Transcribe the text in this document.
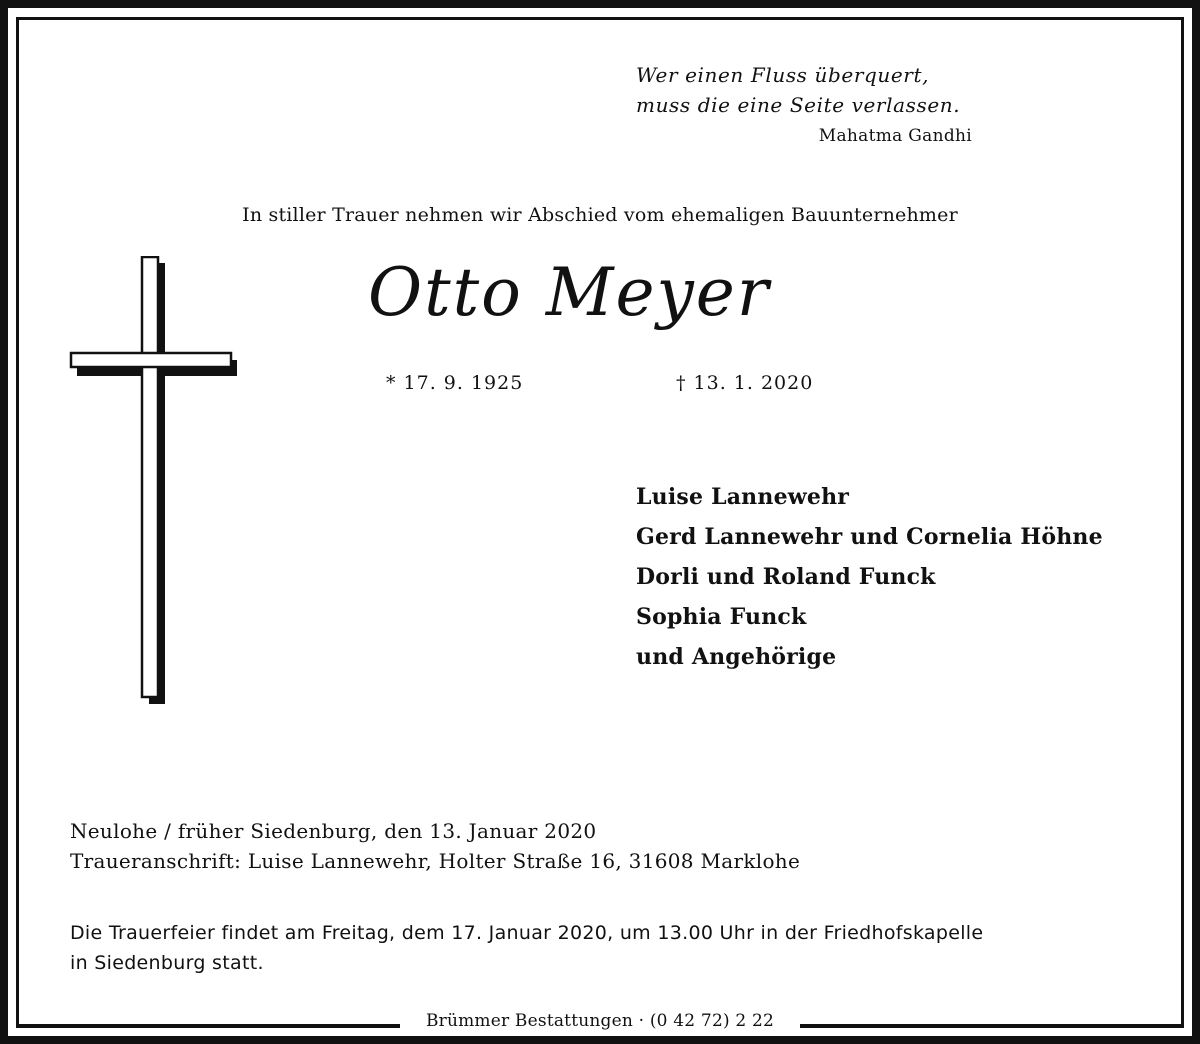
Wer einen Fluss überquert,
muss die eine Seite verlassen.
Mahatma Gandhi
In stiller Trauer nehmen wir Abschied vom ehemaligen Bauunternehmer
Otto Meyer
* 17. 9. 1925	† 13. 1. 2020
Luise Lannewehr
Gerd Lannewehr und Cornelia Höhne
Dorli und Roland Funck
Sophia Funck
und Angehörige
Neulohe / früher Siedenburg, den 13. Januar 2020
Traueranschrift: Luise Lannewehr, Holter Straße 16, 31608 Marklohe
Die Trauerfeier findet am Freitag, dem 17. Januar 2020, um 13.00 Uhr in der Friedhofskapelle
in Siedenburg statt.
Brümmer Bestattungen · (0 42 72) 2 22
